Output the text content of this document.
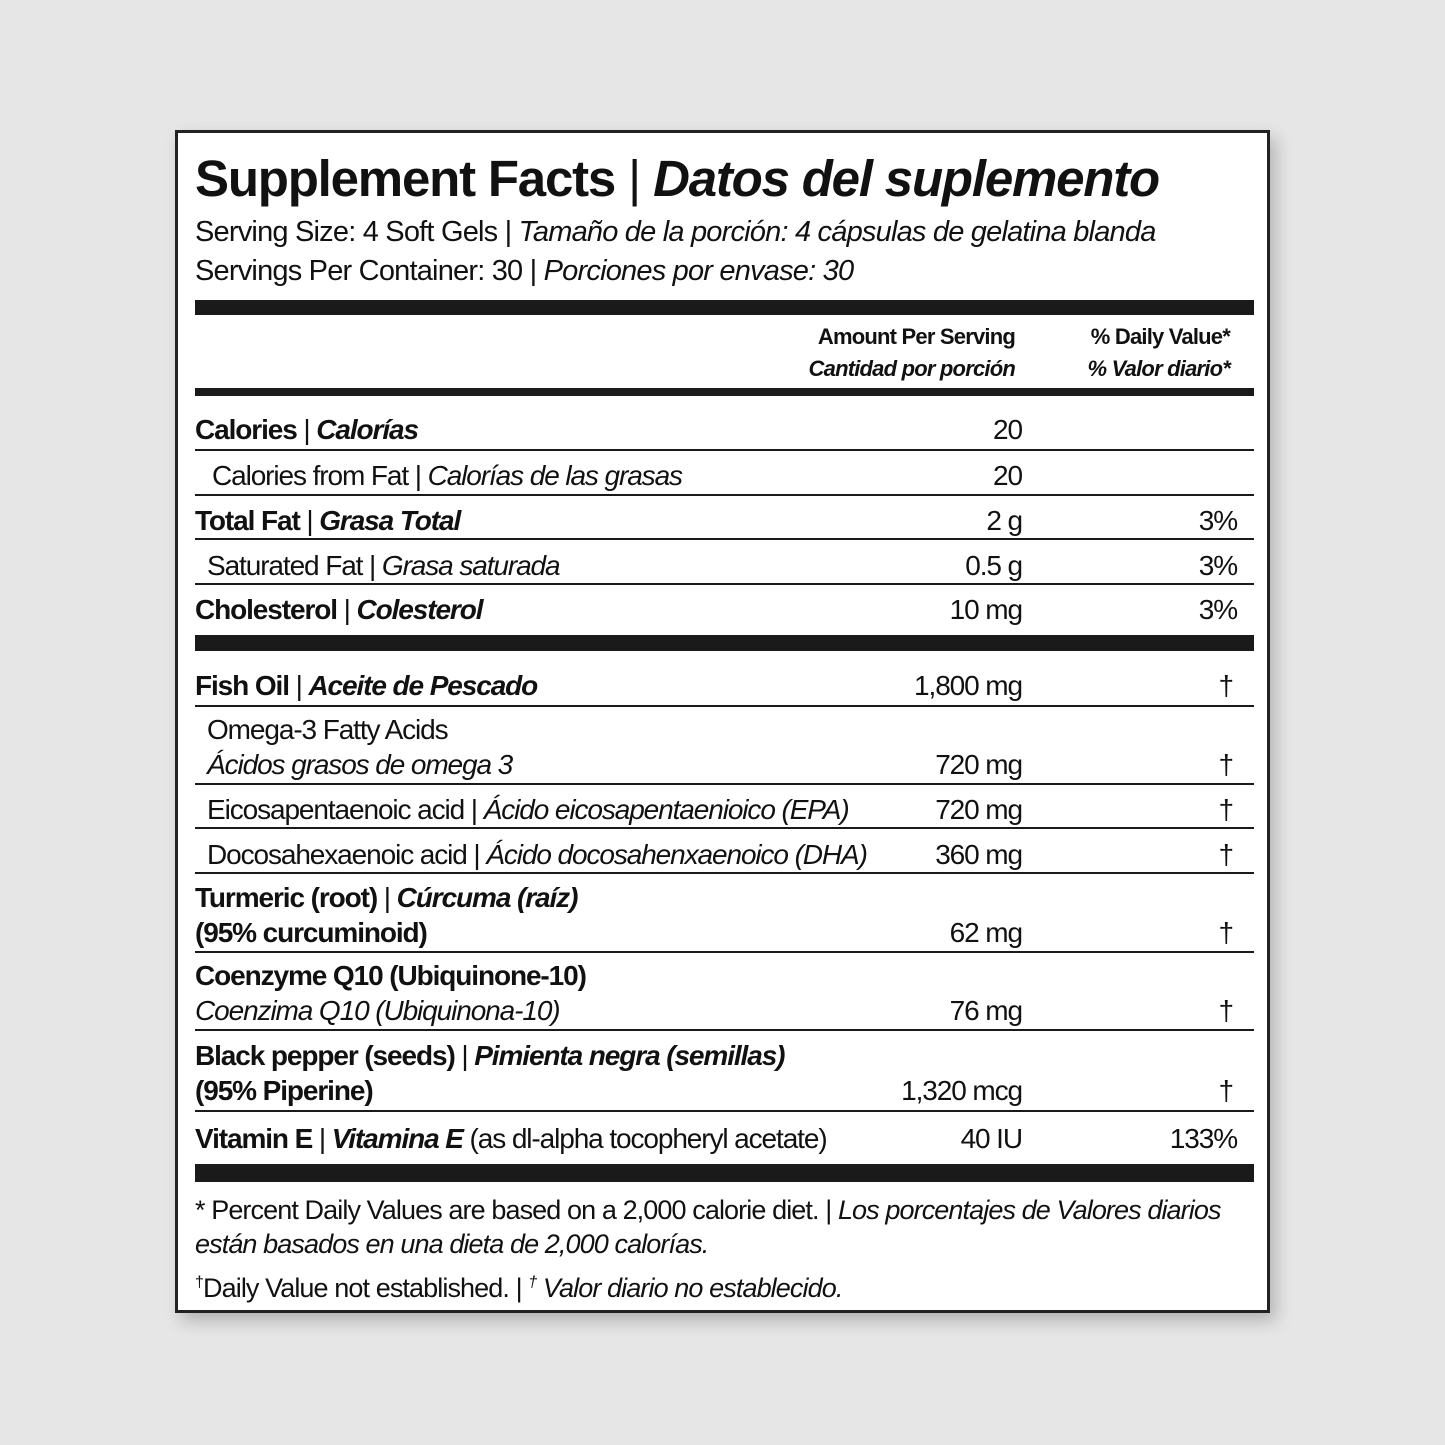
Supplement Facts | Datos del suplemento
Serving Size: 4 Soft Gels | Tamaño de la porción: 4 cápsulas de gelatina blanda
Servings Per Container: 30 | Porciones por envase: 30
Amount Per Serving
Cantidad por porción
% Daily Value*
% Valor diario*
Calories | Calorías	20
Calories from Fat | Calorías de las grasas	20
Total Fat | Grasa Total	2 g	3%
Saturated Fat | Grasa saturada	0.5 g	3%
Cholesterol | Colesterol	10 mg	3%
Fish Oil | Aceite de Pescado	1,800 mg	†
Omega-3 Fatty Acids
Ácidos grasos de omega 3	720 mg	†
Eicosapentaenoic acid | Ácido eicosapentaenioico (EPA)	720 mg	†
Docosahexaenoic acid | Ácido docosahenxaenoico (DHA) 360 mg	†
Turmeric (root) | Cúrcuma (raíz)
(95% curcuminoid)	62 mg	†
Coenzyme Q10 (Ubiquinone-10)
Coenzima Q10 (Ubiquinona-10)	76 mg	†
Black pepper (seeds) | Pimienta negra (semillas)
(95% Piperine)	1,320 mcg	†
Vitamin E | Vitamina E (as dl-alpha tocopheryl acetate)	40 IU	133%
* Percent Daily Values are based on a 2,000 calorie diet. | Los porcentajes de Valores diarios
están basados en una dieta de 2,000 calorías.
†Daily Value not established. | † Valor diario no establecido.
